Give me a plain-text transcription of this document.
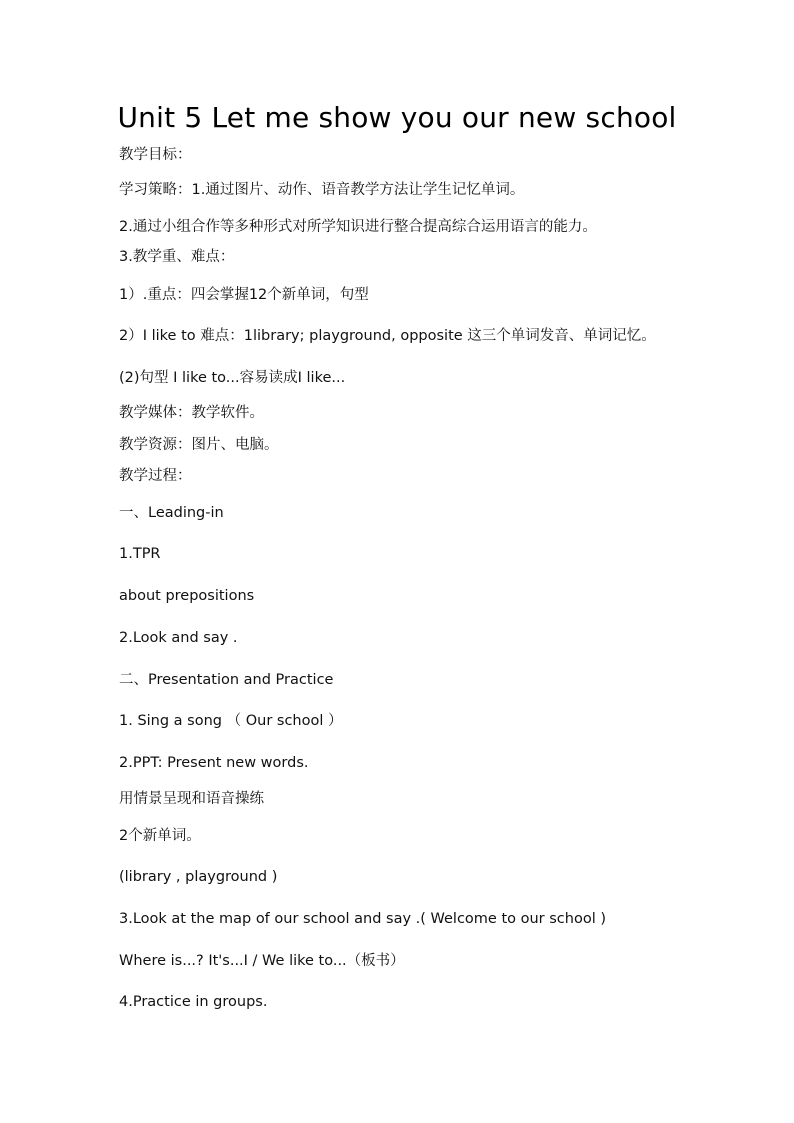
Unit 5 Let me show you our new school
教学目标：
学习策略：1.通过图片、动作、语音教学方法让学生记忆单词。
2.通过小组合作等多种形式对所学知识进行整合提高综合运用语言的能力。
3.教学重、难点：
1）.重点：四会掌握12个新单词，句型
2）I like to 难点：1library; playground, opposite 这三个单词发音、单词记忆。
(2)句型 I like to...容易读成I like...
教学媒体：教学软件。
教学资源：图片、电脑。
教学过程：
一、Leading-in
1.TPR
about prepositions
2.Look and say .
二、Presentation and Practice
1. Sing a song （ Our school ）
2.PPT: Present new words.
用情景呈现和语音操练
2个新单词。
(library , playground )
3.Look at the map of our school and say .( Welcome to our school )
Where is...? It's...I / We like to...（板书）
4.Practice in groups.
